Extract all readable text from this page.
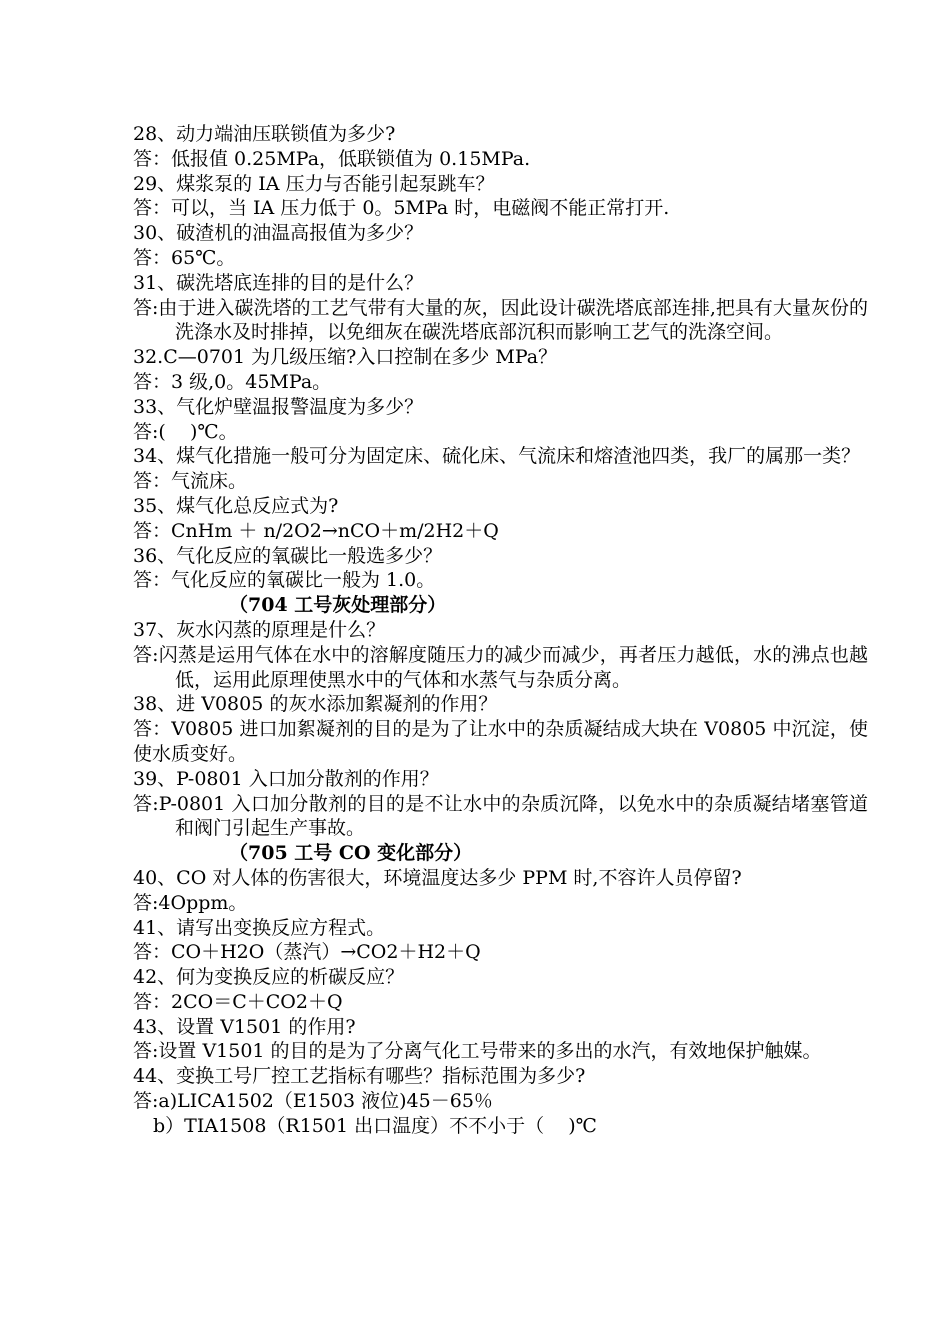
28、动力端油压联锁值为多少?

答：低报值 0.25MPa，低联锁值为 0.15MPa.

29、煤浆泵的 IA 压力与否能引起泵跳车？

答：可以，当 IA 压力低于 0。5MPa 时，电磁阀不能正常打开.

30、破渣机的油温高报值为多少？

答：65℃。

31、碳洗塔底连排的目的是什么？

答:由于进入碳洗塔的工艺气带有大量的灰，因此设计碳洗塔底部连排,把具有大量灰份的洗涤水及时排掉，以免细灰在碳洗塔底部沉积而影响工艺气的洗涤空间。

32.C—0701 为几级压缩?入口控制在多少 MPa？

答：3 级,0。45MPa。

33、气化炉壁温报警温度为多少？

答:(    )℃。

34、煤气化措施一般可分为固定床、硫化床、气流床和熔渣池四类，我厂的属那一类？

答：气流床。

35、煤气化总反应式为?

答：CnHm ＋ n/2O2→nCO＋m/2H2＋Q

36、气化反应的氧碳比一般选多少？

答：气化反应的氧碳比一般为 1.0。

（704 工号灰处理部分）

37、灰水闪蒸的原理是什么？

答:闪蒸是运用气体在水中的溶解度随压力的减少而减少，再者压力越低，水的沸点也越低，运用此原理使黑水中的气体和水蒸气与杂质分离。

38、进 V0805 的灰水添加絮凝剂的作用？

答：V0805 进口加絮凝剂的目的是为了让水中的杂质凝结成大块在 V0805 中沉淀，使使水质变好。

39、P-0801 入口加分散剂的作用？

答:P-0801 入口加分散剂的目的是不让水中的杂质沉降，以免水中的杂质凝结堵塞管道和阀门引起生产事故。

（705 工号 CO 变化部分）

40、CO 对人体的伤害很大，环境温度达多少 PPM 时,不容许人员停留?

答:4Oppm。

41、请写出变换反应方程式。

答：CO＋H2O（蒸汽）→CO2＋H2＋Q

42、何为变换反应的析碳反应？

答：2CO＝C＋CO2＋Q

43、设置 V1501 的作用?

答:设置 V1501 的目的是为了分离气化工号带来的多出的水汽，有效地保护触媒。

44、变换工号厂控工艺指标有哪些？指标范围为多少?

答:a)LICA1502（E1503 液位)45－65％

b）TIA1508（R1501 出口温度）不不小于（    )℃
